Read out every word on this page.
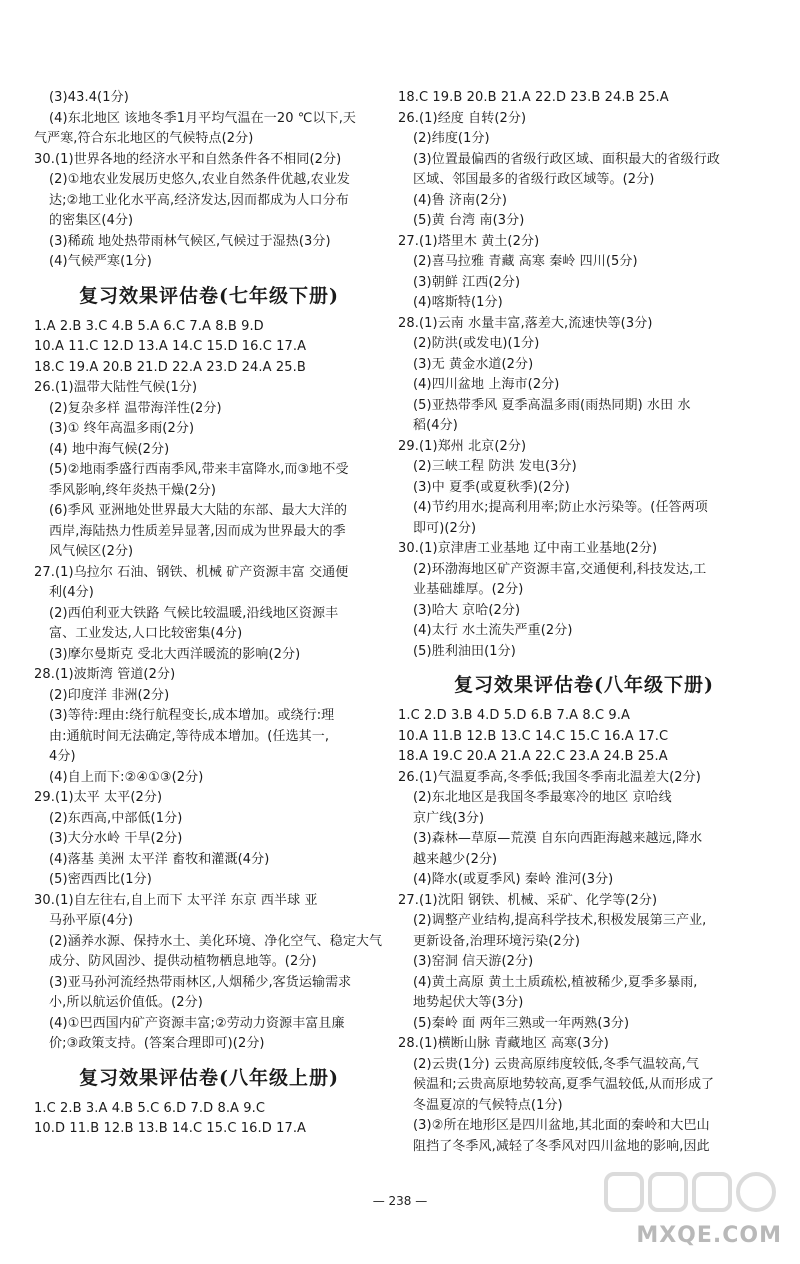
(3)43.4(1分)
(4)东北地区 该地冬季1月平均气温在一20 ℃以下,天
气严寒,符合东北地区的气候特点(2分)
30.(1)世界各地的经济水平和自然条件各不相同(2分)
(2)①地农业发展历史悠久,农业自然条件优越,农业发
达;②地工业化水平高,经济发达,因而都成为人口分布
的密集区(4分)
(3)稀疏 地处热带雨林气候区,气候过于湿热(3分)
(4)气候严寒(1分)
复习效果评估卷(七年级下册)
1.A 2.B 3.C 4.B 5.A 6.C 7.A 8.B 9.D
10.A 11.C 12.D 13.A 14.C 15.D 16.C 17.A
18.C 19.A 20.B 21.D 22.A 23.D 24.A 25.B
26.(1)温带大陆性气候(1分)
(2)复杂多样 温带海洋性(2分)
(3)① 终年高温多雨(2分)
(4) 地中海气候(2分)
(5)②地雨季盛行西南季风,带来丰富降水,而③地不受
季风影响,终年炎热干燥(2分)
(6)季风 亚洲地处世界最大大陆的东部、最大大洋的
西岸,海陆热力性质差异显著,因而成为世界最大的季
风气候区(2分)
27.(1)乌拉尔 石油、钢铁、机械 矿产资源丰富 交通便
利(4分)
(2)西伯利亚大铁路 气候比较温暖,沿线地区资源丰
富、工业发达,人口比较密集(4分)
(3)摩尔曼斯克 受北大西洋暖流的影响(2分)
28.(1)波斯湾 管道(2分)
(2)印度洋 非洲(2分)
(3)等待:理由:绕行航程变长,成本增加。或绕行:理
由:通航时间无法确定,等待成本增加。(任选其一,
4分)
(4)自上而下:②④①③(2分)
29.(1)太平 太平(2分)
(2)东西高,中部低(1分)
(3)大分水岭 干旱(2分)
(4)落基 美洲 太平洋 畜牧和灌溉(4分)
(5)密西西比(1分)
30.(1)自左往右,自上而下 太平洋 东京 西半球 亚
马孙平原(4分)
(2)涵养水源、保持水土、美化环境、净化空气、稳定大气
成分、防风固沙、提供动植物栖息地等。(2分)
(3)亚马孙河流经热带雨林区,人烟稀少,客货运输需求
小,所以航运价值低。(2分)
(4)①巴西国内矿产资源丰富;②劳动力资源丰富且廉
价;③政策支持。(答案合理即可)(2分)
复习效果评估卷(八年级上册)
1.C 2.B 3.A 4.B 5.C 6.D 7.D 8.A 9.C
10.D 11.B 12.B 13.B 14.C 15.C 16.D 17.A
18.C 19.B 20.B 21.A 22.D 23.B 24.B 25.A
26.(1)经度 自转(2分)
(2)纬度(1分)
(3)位置最偏西的省级行政区域、面积最大的省级行政
区域、邻国最多的省级行政区域等。(2分)
(4)鲁 济南(2分)
(5)黄 台湾 南(3分)
27.(1)塔里木 黄土(2分)
(2)喜马拉雅 青藏 高寒 秦岭 四川(5分)
(3)朝鲜 江西(2分)
(4)喀斯特(1分)
28.(1)云南 水量丰富,落差大,流速快等(3分)
(2)防洪(或发电)(1分)
(3)无 黄金水道(2分)
(4)四川盆地 上海市(2分)
(5)亚热带季风 夏季高温多雨(雨热同期) 水田 水
稻(4分)
29.(1)郑州 北京(2分)
(2)三峡工程 防洪 发电(3分)
(3)中 夏季(或夏秋季)(2分)
(4)节约用水;提高利用率;防止水污染等。(任答两项
即可)(2分)
30.(1)京津唐工业基地 辽中南工业基地(2分)
(2)环渤海地区矿产资源丰富,交通便利,科技发达,工
业基础雄厚。(2分)
(3)哈大 京哈(2分)
(4)太行 水土流失严重(2分)
(5)胜利油田(1分)
复习效果评估卷(八年级下册)
1.C 2.D 3.B 4.D 5.D 6.B 7.A 8.C 9.A
10.A 11.B 12.B 13.C 14.C 15.C 16.A 17.C
18.A 19.C 20.A 21.A 22.C 23.A 24.B 25.A
26.(1)气温夏季高,冬季低;我国冬季南北温差大(2分)
(2)东北地区是我国冬季最寒冷的地区 京哈线
京广线(3分)
(3)森林—草原—荒漠 自东向西距海越来越远,降水
越来越少(2分)
(4)降水(或夏季风) 秦岭 淮河(3分)
27.(1)沈阳 钢铁、机械、采矿、化学等(2分)
(2)调整产业结构,提高科学技术,积极发展第三产业,
更新设备,治理环境污染(2分)
(3)窑洞 信天游(2分)
(4)黄土高原 黄土土质疏松,植被稀少,夏季多暴雨,
地势起伏大等(3分)
(5)秦岭 面 两年三熟或一年两熟(3分)
28.(1)横断山脉 青藏地区 高寒(3分)
(2)云贵(1分) 云贵高原纬度较低,冬季气温较高,气
候温和;云贵高原地势较高,夏季气温较低,从而形成了
冬温夏凉的气候特点(1分)
(3)②所在地形区是四川盆地,其北面的秦岭和大巴山
阻挡了冬季风,减轻了冬季风对四川盆地的影响,因此
— 238 —
MXQE.COM
